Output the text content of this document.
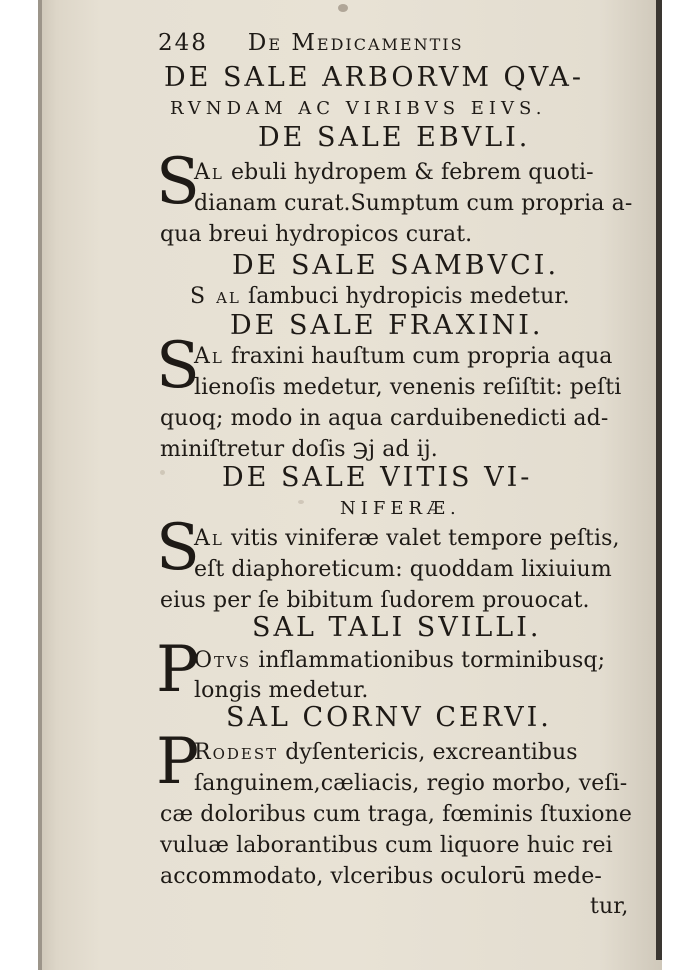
248 De Medicamentis
DE SALE ARBORVM QVA-
RVNDAM AC VIRIBVS EIVS.
DE SALE EBVLI.
S
Al ebuli hydropem & febrem quoti-
dianam curat.Sumptum cum propria a-
qua breui hydropicos curat.
DE SALE SAMBVCI.
S al ſambuci hydropicis medetur.
DE SALE FRAXINI.
S
Al fraxini hauſtum cum propria aqua
lienoſis medetur, venenis reſiſtit: peſti
quoq; modo in aqua carduibenedicti ad-
miniſtretur doſis ℈j ad ij.
DE SALE VITIS VI-
NIFERÆ.
S
Al vitis viniferæ valet tempore peſtis,
eſt diaphoreticum: quoddam lixiuium
eius per ſe bibitum ſudorem prouocat.
SAL TALI SVILLI.
P
Otvs inflammationibus torminibusq;
longis medetur.
SAL CORNV CERVI.
P
Rodest dyſentericis, excreantibus
ſanguinem,cæliacis, regio morbo, veſi-
cæ doloribus cum traga, fœminis ſtuxione
vuluæ laborantibus cum liquore huic rei
accommodato, vlceribus oculorū mede-
tur,
